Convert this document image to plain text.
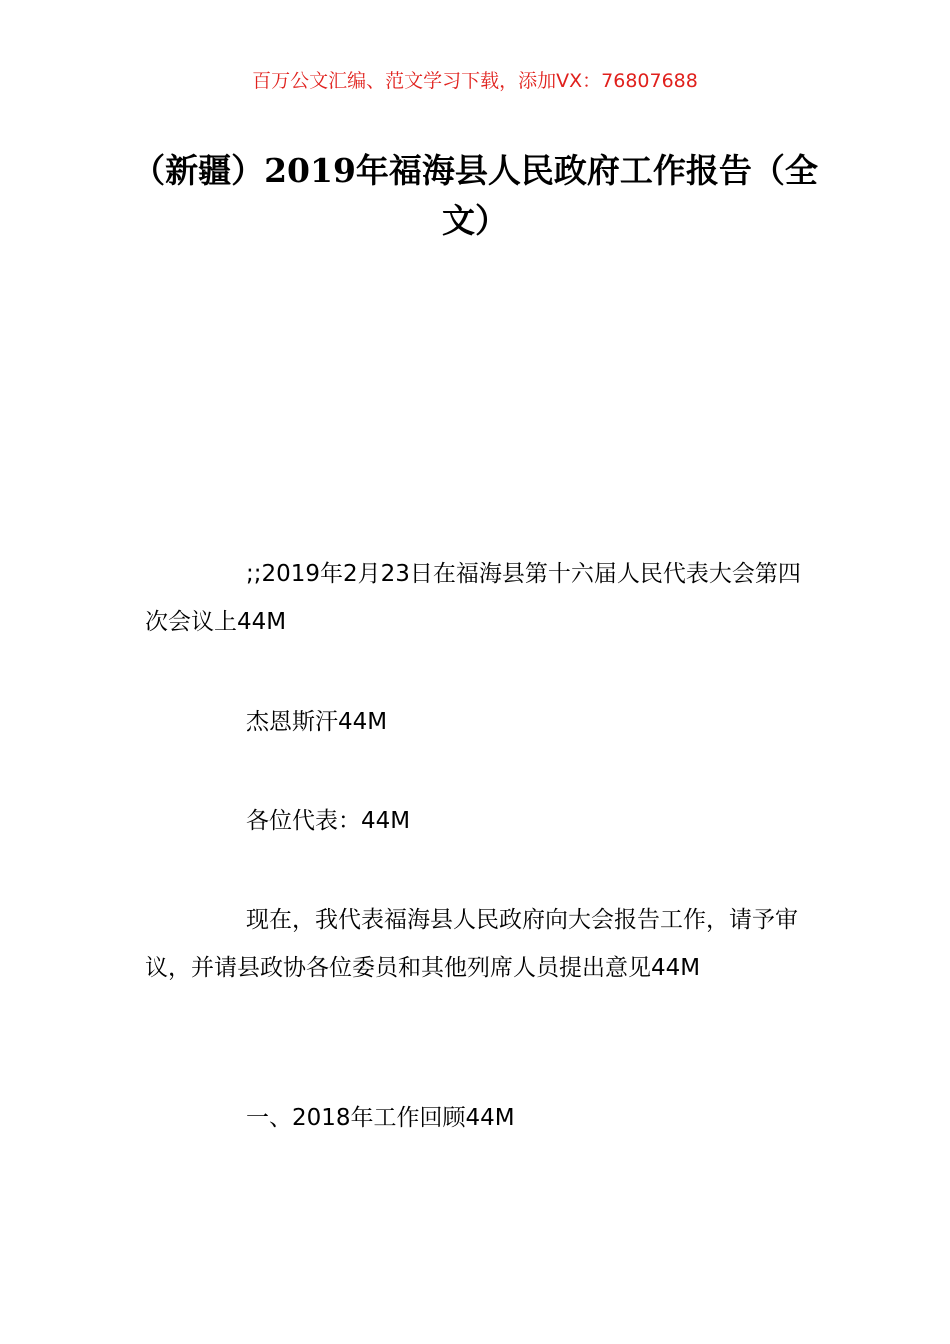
百万公文汇编、范文学习下载，添加VX：76807688
（新疆）2019年福海县人民政府工作报告（全文）
;;2019年2月23日在福海县第十六届人民代表大会第四次会议上44M
杰恩斯汗44M
各位代表：44M
现在，我代表福海县人民政府向大会报告工作，请予审议，并请县政协各位委员和其他列席人员提出意见44M
一、2018年工作回顾44M
